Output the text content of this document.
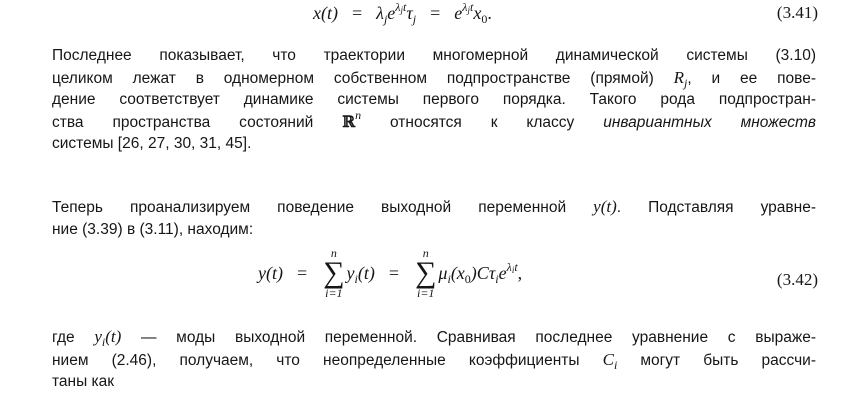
$x(t) = \lambda_je^{\lambda_jt}\tau_j = e^{\lambda_jt}x_0$.	(3.41)
Последнее показывает, что траектории многомерной динамической системы (3.10)
целиком лежат в одномерном собственном подпространстве (прямой) $R_j$, и ее пове-
дение соответствует динамике системы первого порядка. Такого рода подпростран-
ства пространства состояний ℝ$^n$ относятся к классу инвариантных множеств
системы [26, 27, 30, 31, 45].
Теперь проанализируем поведение выходной переменной y(t). Подставляя уравне-
ние (3.39) в (3.11), находим:
y(t) =
n
∑
i=1
$y_i(t)$ =
n
∑
i=1
$\mu_i(x_0)C\tau_ie^{\lambda_it}$,	(3.42)
где $y_i(t)$ — моды выходной переменной. Сравнивая последнее уравнение с выраже-
нием (2.46), получаем, что неопределенные коэффициенты $C_i$ могут быть рассчи-
таны как
